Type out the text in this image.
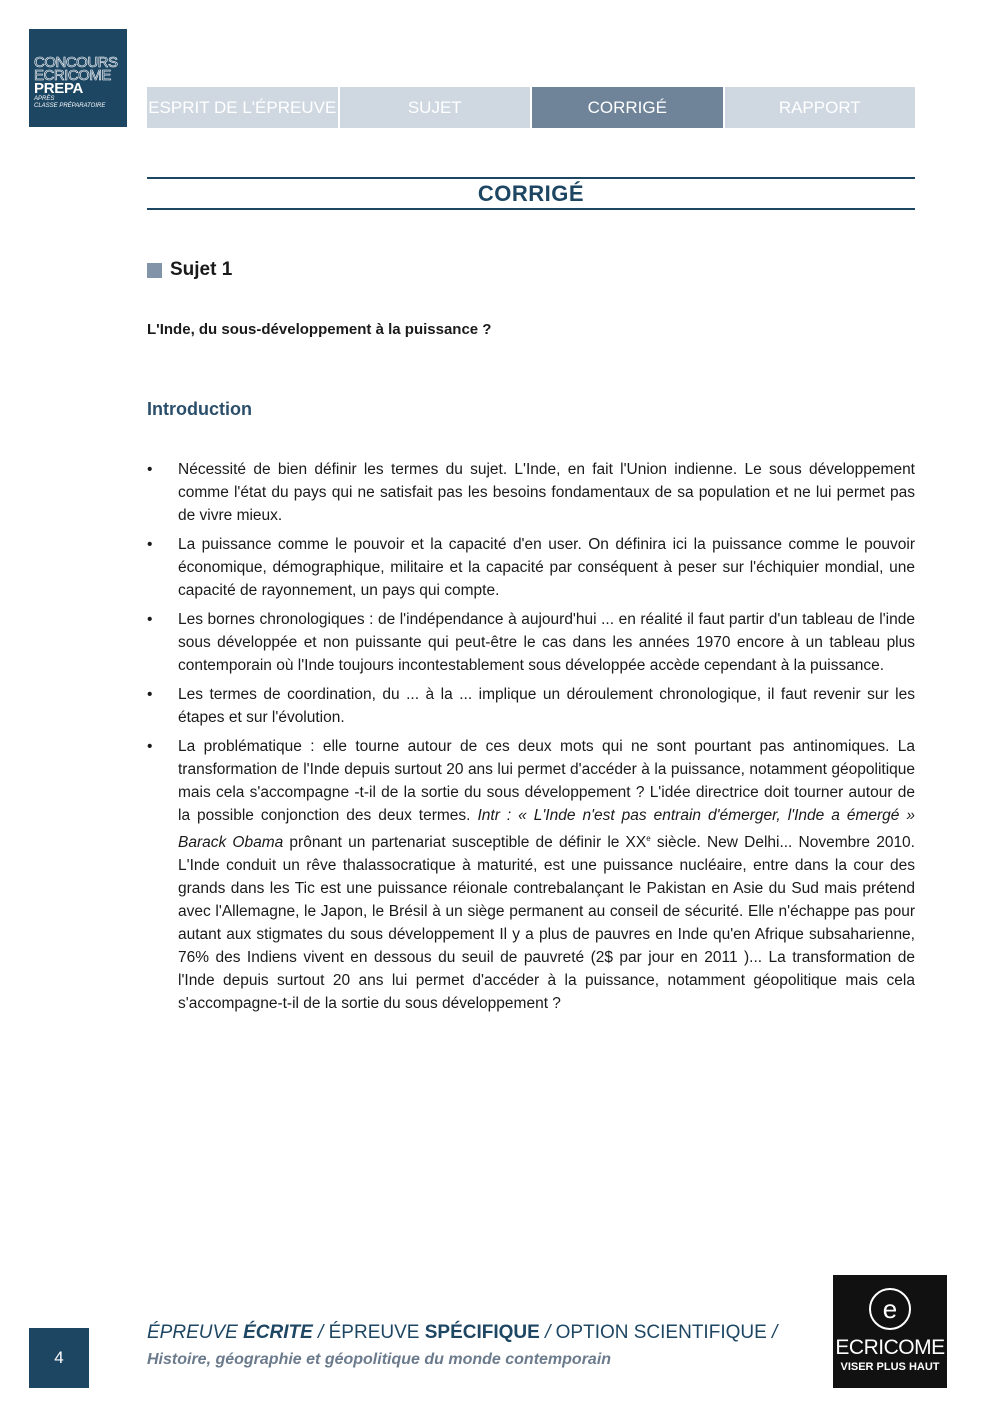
CONCOURS
ECRICOME
PREPA
APRÈS
CLASSE PRÉPARATOIRE	ESPRIT DE L'ÉPREUVE	SUJET	CORRIGÉ	RAPPORT
CORRIGÉ
Sujet 1
L'Inde, du sous-développement à la puissance ?
Introduction
• Nécessité de bien définir les termes du sujet. L'Inde, en fait l'Union indienne. Le sous développement comme l'état du pays qui ne satisfait pas les besoins fondamentaux de sa population et ne lui permet pas de vivre mieux.
• La puissance comme le pouvoir et la capacité d'en user. On définira ici la puissance comme le pouvoir économique, démographique, militaire et la capacité par conséquent à peser sur l'échiquier mondial, une capacité de rayonnement, un pays qui compte.
• Les bornes chronologiques : de l'indépendance à aujourd'hui ... en réalité il faut partir d'un tableau de l'inde sous développée et non puissante qui peut-être le cas dans les années 1970 encore à un tableau plus contemporain où l'Inde toujours incontestablement sous développée accède cependant à la puissance.
• Les termes de coordination, du ... à la ... implique un déroulement chronologique, il faut revenir sur les étapes et sur l'évolution.
• La problématique : elle tourne autour de ces deux mots qui ne sont pourtant pas antinomiques. La transformation de l'Inde depuis surtout 20 ans lui permet d'accéder à la puissance, notamment géopolitique mais cela s'accompagne -t-il de la sortie du sous développement ? L'idée directrice doit tourner autour de la possible conjonction des deux termes. Intr : « L'Inde n'est pas entrain d'émerger, l'Inde a émergé » Barack Obama prônant un partenariat susceptible de définir le XXe siècle. New Delhi... Novembre 2010. L'Inde conduit un rêve thalassocratique à maturité, est une puissance nucléaire, entre dans la cour des grands dans les Tic est une puissance réionale contrebalançant le Pakistan en Asie du Sud mais prétend avec l'Allemagne, le Japon, le Brésil à un siège permanent au conseil de sécurité. Elle n'échappe pas pour autant aux stigmates du sous développement Il y a plus de pauvres en Inde qu'en Afrique subsaharienne, 76% des Indiens vivent en dessous du seuil de pauvreté (2$ par jour en 2011 )... La transformation de l'Inde depuis surtout 20 ans lui permet d'accéder à la puissance, notamment géopolitique mais cela s'accompagne-t-il de la sortie du sous développement ?
4
ÉPREUVE ÉCRITE / ÉPREUVE SPÉCIFIQUE / OPTION SCIENTIFIQUE /
Histoire, géographie et géopolitique du monde contemporain
e
ECRICOME
VISER PLUS HAUT
